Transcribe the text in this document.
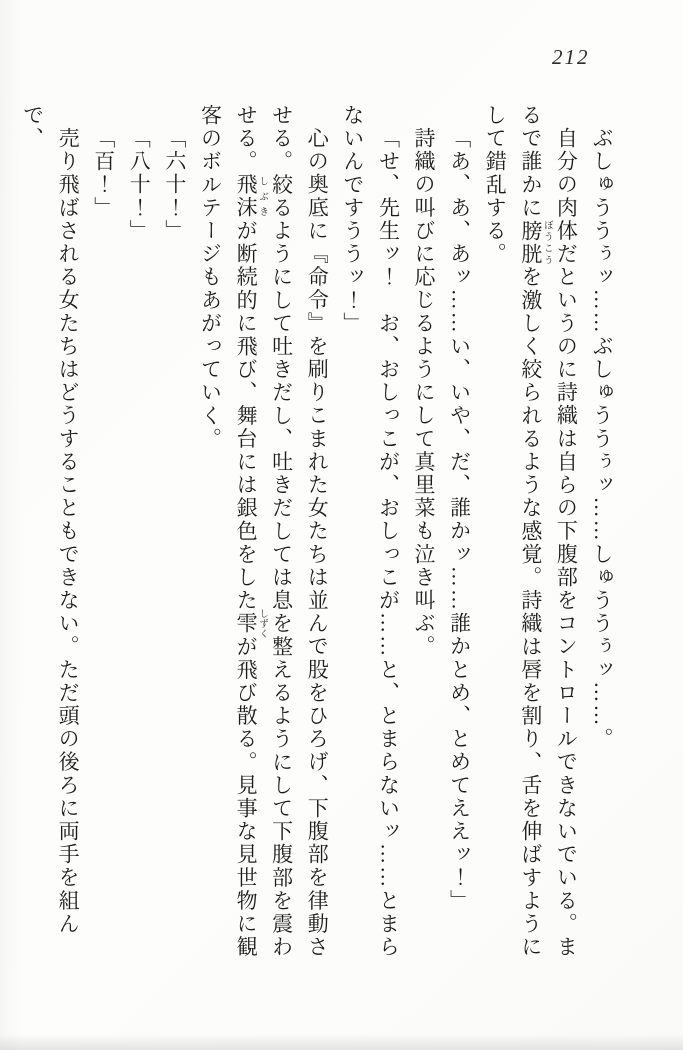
212

ぶしゅううぅッ……ぶしゅううぅッ……しゅううぅッ……。

自分の肉体だというのに詩織は自らの下腹部をコントロールできないでいる。まるで誰かに膀胱 ぼうこうを激しく絞られるような感覚。詩織は唇を割り、舌を伸ばすようにして錯乱する。

「あ、あ、あッ……い、いや、だ、誰かッ……誰かとめ、とめてええッ！」

詩織の叫びに応じるようにして真里菜も泣き叫ぶ。

「せ、先生ッ！　お、おしっこが、おしっこが……と、とまらないッ……とまらないんですううッ！」

心の奥底に『命令』を刷りこまれた女たちは並んで股をひろげ、下腹部を律動させる。絞るようにして吐きだし、吐きだしては息を整えるようにして下腹部を震わせる。飛沫 しぶきが断続的に飛び、舞台には銀色をした雫 しずくが飛び散る。見事な見世物に観客のボルテージもあがっていく。

「六十！」

「八十！」

「百！」

売り飛ばされる女たちはどうすることもできない。ただ頭の後ろに両手を組んで、
